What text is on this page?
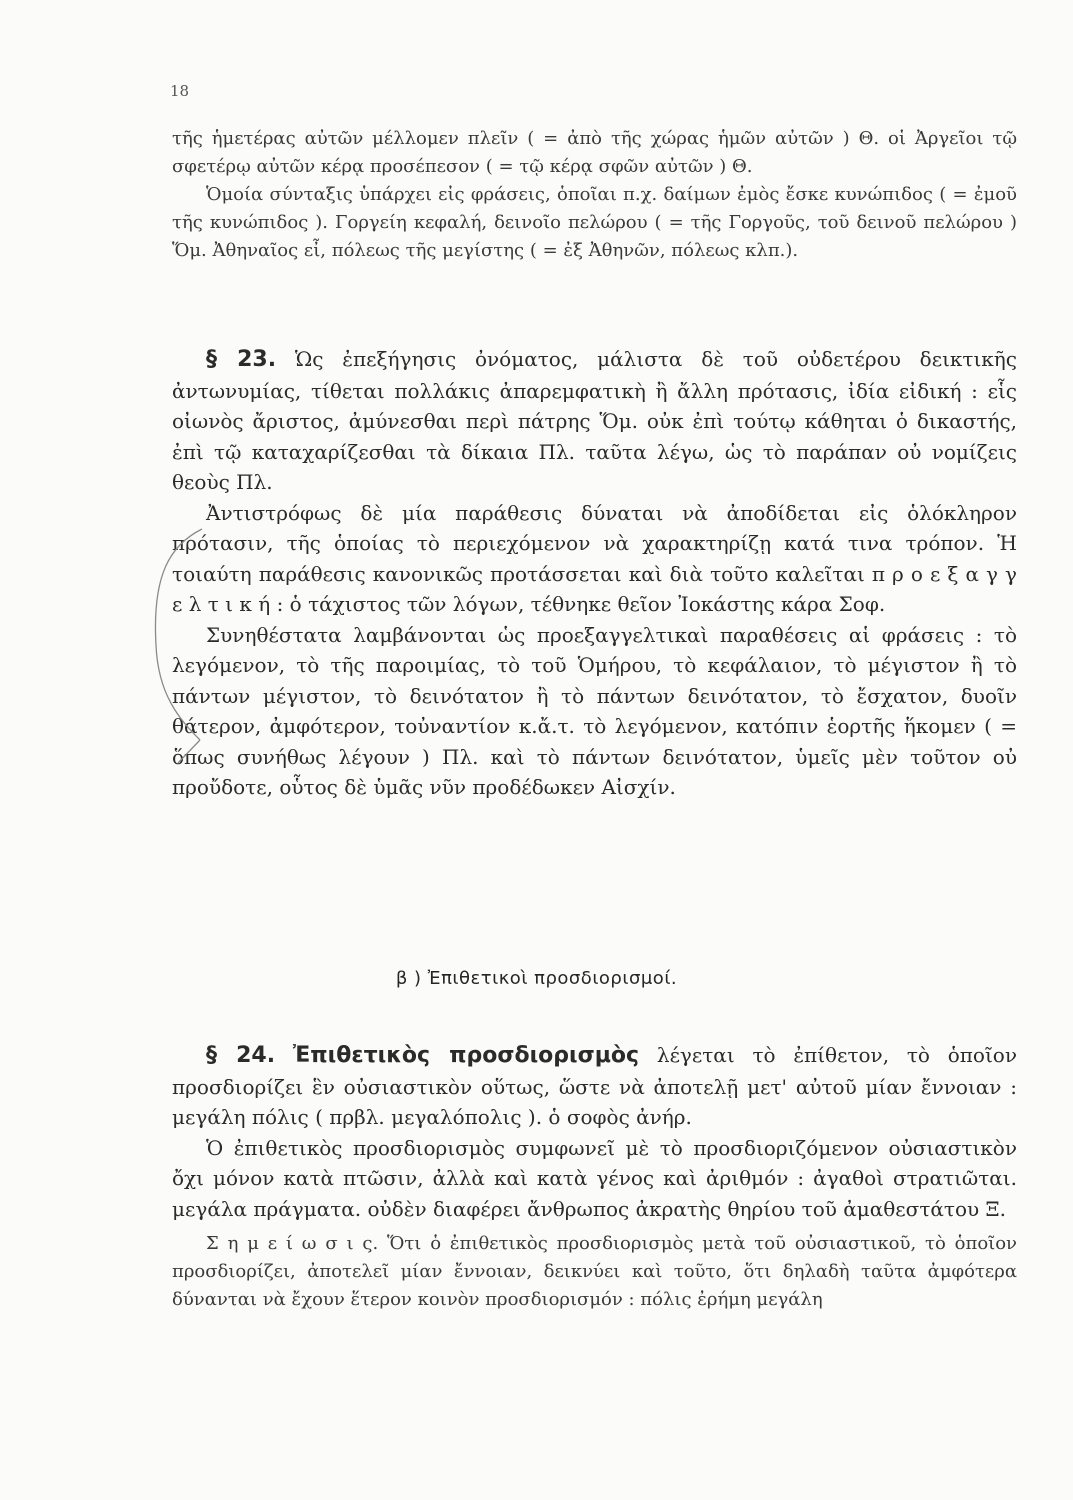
18

τῆς ἡμετέρας αὐτῶν μέλλομεν πλεῖν ( = ἀπὸ τῆς χώρας ἡμῶν αὐτῶν ) Θ. οἱ Ἀργεῖοι τῷ σφετέρῳ αὐτῶν κέρᾳ προσέπεσον ( = τῷ κέρᾳ σφῶν αὐτῶν ) Θ.

Ὁμοία σύνταξις ὑπάρχει εἰς φράσεις, ὁποῖαι π.χ. δαίμων ἐμὸς ἔσκε κυνώπιδος ( = ἐμοῦ τῆς κυνώπιδος ). Γοργείη κεφαλή, δεινοῖο πελώρου ( = τῆς Γοργοῦς, τοῦ δεινοῦ πελώρου ) Ὅμ. Ἀθηναῖος εἶ, πόλεως τῆς μεγίστης ( = ἐξ Ἀθηνῶν, πόλεως κλπ.).

§ 23. Ὡς ἐπεξήγησις ὀνόματος, μάλιστα δὲ τοῦ οὐδετέρου δεικτικῆς ἀντωνυμίας, τίθεται πολλάκις ἀπαρεμφατικὴ ἢ ἄλλη πρότασις, ἰδία εἰδική : εἷς οἰωνὸς ἄριστος, ἀμύνεσθαι περὶ πάτρης Ὅμ. οὐκ ἐπὶ τούτῳ κάθηται ὁ δικαστής, ἐπὶ τῷ καταχαρίζεσθαι τὰ δίκαια Πλ. ταῦτα λέγω, ὡς τὸ παράπαν οὐ νομίζεις θεοὺς Πλ.

Ἀντιστρόφως δὲ μία παράθεσις δύναται νὰ ἀποδίδεται εἰς ὁλόκληρον πρότασιν, τῆς ὁποίας τὸ περιεχόμενον νὰ χαρακτηρίζῃ κατά τινα τρόπον. Ἡ τοιαύτη παράθεσις κανονικῶς προτάσσεται καὶ διὰ τοῦτο καλεῖται π ρ ο ε ξ α γ γ ε λ τ ι κ ή : ὁ τάχιστος τῶν λόγων, τέθνηκε θεῖον Ἰοκάστης κάρα Σοφ.

Συνηθέστατα λαμβάνονται ὡς προεξαγγελτικαὶ παραθέσεις αἱ φράσεις : τὸ λεγόμενον, τὸ τῆς παροιμίας, τὸ τοῦ Ὁμήρου, τὸ κεφάλαιον, τὸ μέγιστον ἢ τὸ πάντων μέγιστον, τὸ δεινότατον ἢ τὸ πάντων δεινότατον, τὸ ἔσχατον, δυοῖν θάτερον, ἀμφότερον, τοὐναντίον κ.ἄ.τ. τὸ λεγόμενον, κατόπιν ἑορτῆς ἥκομεν ( = ὅπως συνήθως λέγουν ) Πλ. καὶ τὸ πάντων δεινότατον, ὑμεῖς μὲν τοῦτον οὐ προὔδοτε, οὗτος δὲ ὑμᾶς νῦν προδέδωκεν Αἰσχίν.

β ) Ἐπιθετικοὶ προσδιορισμοί.

§ 24. Ἐπιθετικὸς προσδιορισμὸς λέγεται τὸ ἐπίθετον, τὸ ὁποῖον προσδιορίζει ἓν οὐσιαστικὸν οὕτως, ὥστε νὰ ἀποτελῇ μετ' αὐτοῦ μίαν ἔννοιαν : μεγάλη πόλις ( πρβλ. μεγαλόπολις ). ὁ σοφὸς ἀνήρ.

Ὁ ἐπιθετικὸς προσδιορισμὸς συμφωνεῖ μὲ τὸ προσδιοριζόμενον οὐσιαστικὸν ὄχι μόνον κατὰ πτῶσιν, ἀλλὰ καὶ κατὰ γένος καὶ ἀριθμόν : ἀγαθοὶ στρατιῶται. μεγάλα πράγματα. οὐδὲν διαφέρει ἄνθρωπος ἀκρατὴς θηρίου τοῦ ἀμαθεστάτου Ξ.

Σ η μ ε ί ω σ ι ς. Ὅτι ὁ ἐπιθετικὸς προσδιορισμὸς μετὰ τοῦ οὐσιαστικοῦ, τὸ ὁποῖον προσδιορίζει, ἀποτελεῖ μίαν ἔννοιαν, δεικνύει καὶ τοῦτο, ὅτι δηλαδὴ ταῦτα ἀμφότερα δύνανται νὰ ἔχουν ἕτερον κοινὸν προσδιορισμόν : πόλις ἐρήμη μεγάλη
